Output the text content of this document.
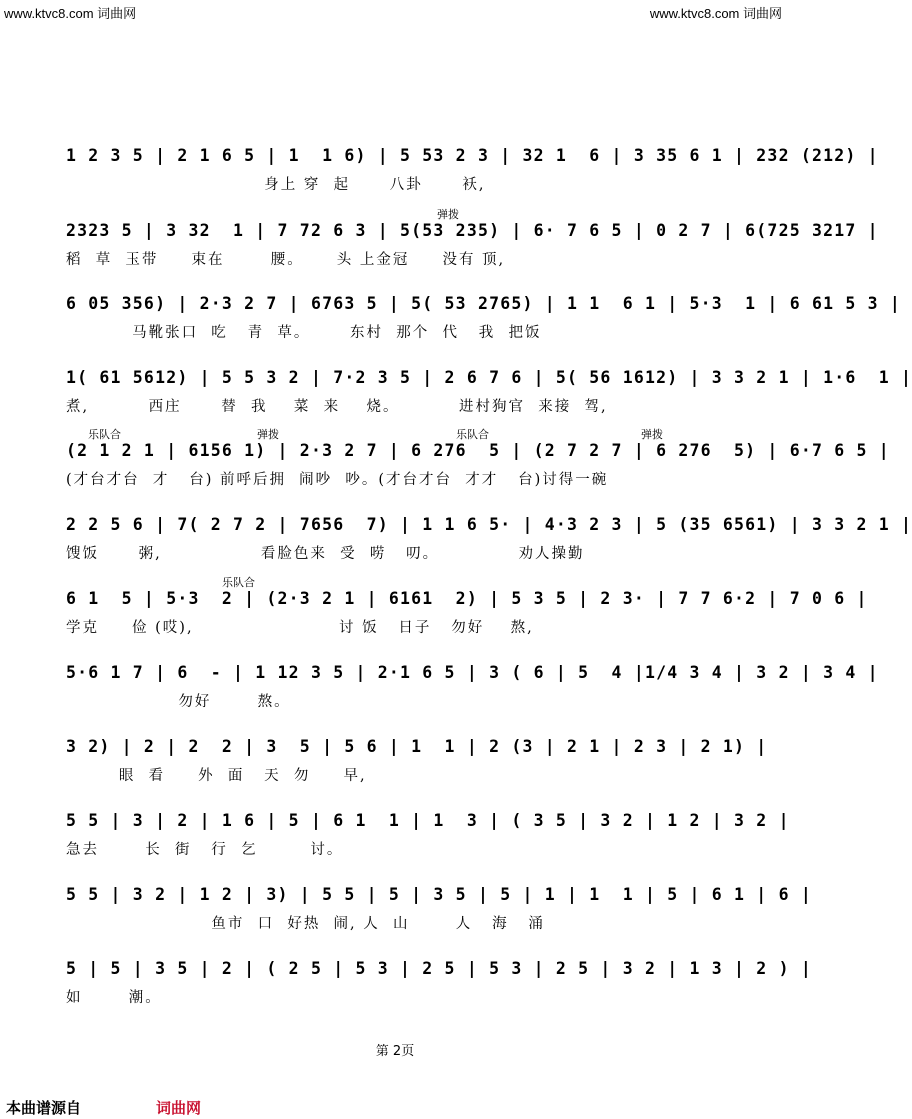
www.ktvc8.com 词曲网	www.ktvc8.com 词曲网
1 2 3 5 | 2 1 6 5 | 1  1 6) | 5 53 2 3 | 32 1  6 | 3 35 6 1 | 232 (212) |
身上 穿  起      八卦      袄,
2323 5 | 3 32  1 | 7 72 6 3 | 5(53 235) | 6· 7 6 5 | 0 2 7 | 6(725 3217 |
稻  草  玉带     束在       腰。     头 上金冠     没有 顶,
弹拨
6 05 356) | 2·3 2 7 | 6763 5 | 5( 53 2765) | 1 1  6 1 | 5·3  1 | 6 61 5 3 |
马靴张口  吃   青  草。      东村  那个  代   我  把饭
1( 61 5612) | 5 5 3 2 | 7·2 3 5 | 2 6 7 6 | 5( 56 1612) | 3 3 2 1 | 1·6  1 |
煮,         西庄      替  我    菜  来    烧。         进村狗官  来接  驾,
(2 1 2 1 | 6156 1) | 2·3 2 7 | 6 276  5 | (2 7 2 7 | 6 276  5) | 6·7 6 5 |
(才台才台  才   台) 前呼后拥  闹吵  吵。(才台才台  才才   台)讨得一碗
乐队合	弹拨	乐队合	弹拨
2 2 5 6 | 7( 2 7 2 | 7656  7) | 1 1 6 5· | 4·3 2 3 | 5 (35 6561) | 3 3 2 1 |
馊饭      粥,               看脸色来  受  唠   叨。            劝人操勤
6 1  5 | 5·3  2 | (2·3 2 1 | 6161  2) | 5 3 5 | 2 3· | 7 7 6·2 | 7 0 6 |
学克     俭 (哎),                      讨 饭   日子   勿好    熬,
乐队合
5·6 1 7 | 6  - | 1 12 3 5 | 2·1 6 5 | 3 ( 6 | 5  4 |1/4 3 4 | 3 2 | 3 4 |
勿好       熬。
3 2) | 2 | 2  2 | 3  5 | 5 6 | 1  1 | 2 (3 | 2 1 | 2 3 | 2 1) |
眼  看     外  面   天  勿     早,
5 5 | 3 | 2 | 1 6 | 5 | 6 1  1 | 1  3 | ( 3 5 | 3 2 | 1 2 | 3 2 |
急去       长  街   行  乞        讨。
5 5 | 3 2 | 1 2 | 3) | 5 5 | 5 | 3 5 | 5 | 1 | 1  1 | 5 | 6 1 | 6 |
鱼市  口  好热  闹, 人  山       人   海   涌
5 | 5 | 3 5 | 2 | ( 2 5 | 5 3 | 2 5 | 5 3 | 2 5 | 3 2 | 1 3 | 2 ) |
如       潮。
第 2页
本曲谱源自	词曲网
